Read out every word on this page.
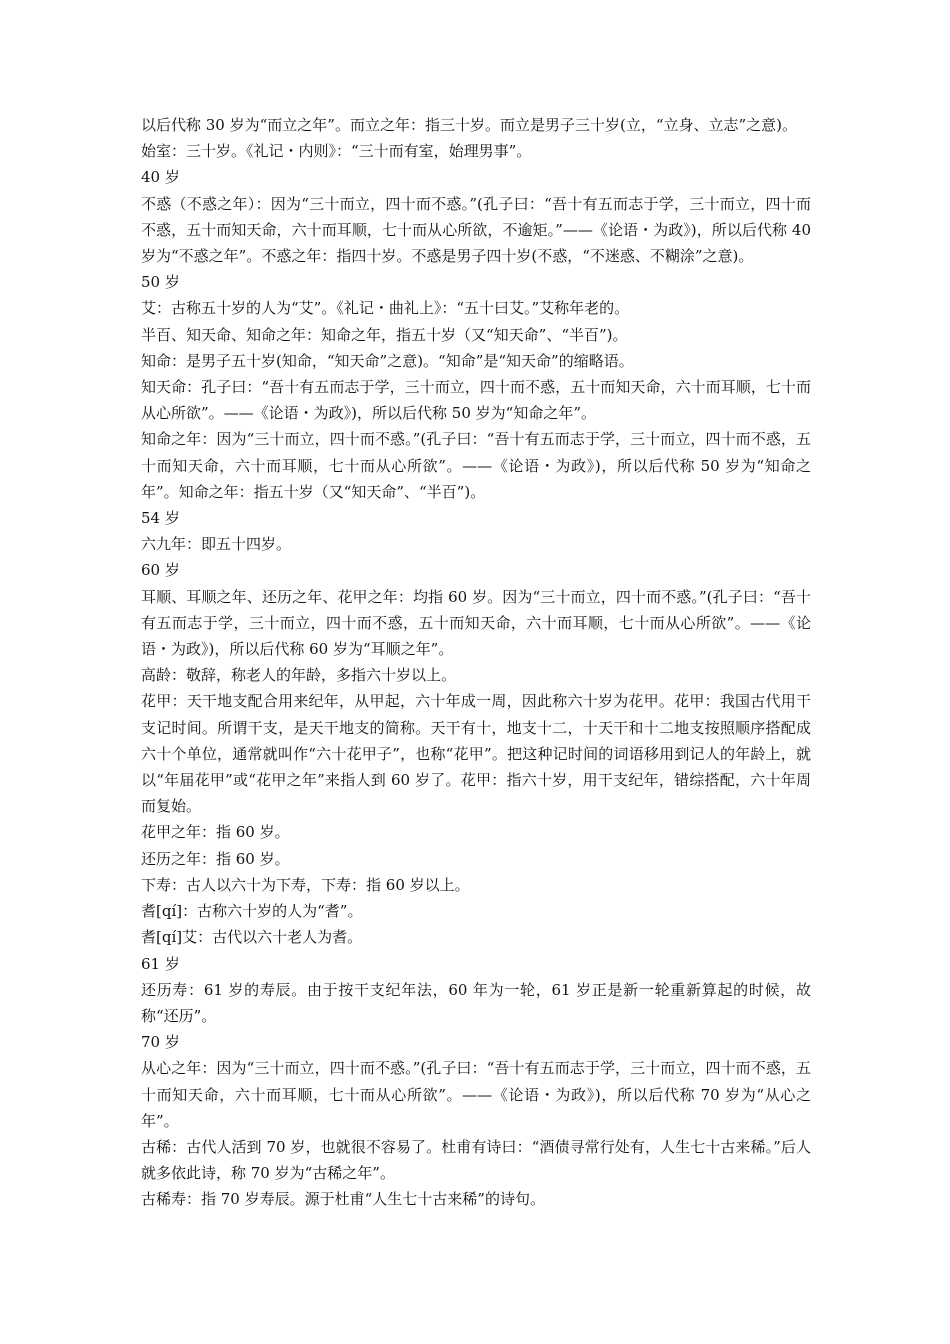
以后代称 30 岁为“而立之年”。而立之年：指三十岁。而立是男子三十岁(立，“立身、立志”之意)。

始室：三十岁。《礼记・内则》：“三十而有室，始理男事”。

40 岁

不惑（不惑之年）：因为“三十而立，四十而不惑。”(孔子曰：“吾十有五而志于学，三十而立，四十而不惑，五十而知天命，六十而耳顺，七十而从心所欲，不逾矩。”——《论语・为政》)，所以后代称 40 岁为“不惑之年”。不惑之年：指四十岁。不惑是男子四十岁(不惑，“不迷惑、不糊涂”之意)。

50 岁

艾：古称五十岁的人为“艾”。《礼记・曲礼上》：“五十曰艾。”艾称年老的。

半百、知天命、知命之年：知命之年，指五十岁（又“知天命”、“半百”)。

知命：是男子五十岁(知命，“知天命”之意)。“知命”是“知天命”的缩略语。

知天命：孔子曰：“吾十有五而志于学，三十而立，四十而不惑，五十而知天命，六十而耳顺，七十而从心所欲”。——《论语・为政》)，所以后代称 50 岁为“知命之年”。

知命之年：因为“三十而立，四十而不惑。”(孔子曰：“吾十有五而志于学，三十而立，四十而不惑，五十而知天命，六十而耳顺，七十而从心所欲”。——《论语・为政》)，所以后代称 50 岁为“知命之年”。知命之年：指五十岁（又“知天命”、“半百”)。

54 岁

六九年：即五十四岁。

60 岁

耳顺、耳顺之年、还历之年、花甲之年：均指 60 岁。因为“三十而立，四十而不惑。”(孔子曰：“吾十有五而志于学，三十而立，四十而不惑，五十而知天命，六十而耳顺，七十而从心所欲”。——《论语・为政》)，所以后代称 60 岁为“耳顺之年”。

高龄：敬辞，称老人的年龄，多指六十岁以上。

花甲：天干地支配合用来纪年，从甲起，六十年成一周，因此称六十岁为花甲。花甲：我国古代用干支记时间。所谓干支，是天干地支的简称。天干有十，地支十二，十天干和十二地支按照顺序搭配成六十个单位，通常就叫作“六十花甲子”，也称“花甲”。把这种记时间的词语移用到记人的年龄上，就以“年届花甲”或“花甲之年”来指人到 60 岁了。花甲：指六十岁，用干支纪年，错综搭配，六十年周而复始。

花甲之年：指 60 岁。

还历之年：指 60 岁。

下寿：古人以六十为下寿，下寿：指 60 岁以上。

耆[qí]：古称六十岁的人为“耆”。

耆[qí]艾：古代以六十老人为耆。

61 岁

还历寿：61 岁的寿辰。由于按干支纪年法，60 年为一轮，61 岁正是新一轮重新算起的时候，故称“还历”。

70 岁

从心之年：因为“三十而立，四十而不惑。”(孔子曰：“吾十有五而志于学，三十而立，四十而不惑，五十而知天命，六十而耳顺，七十而从心所欲”。——《论语・为政》)，所以后代称 70 岁为“从心之年”。

古稀：古代人活到 70 岁，也就很不容易了。杜甫有诗曰：“酒债寻常行处有，人生七十古来稀。”后人就多依此诗，称 70 岁为“古稀之年”。

古稀寿：指 70 岁寿辰。源于杜甫“人生七十古来稀”的诗句。
